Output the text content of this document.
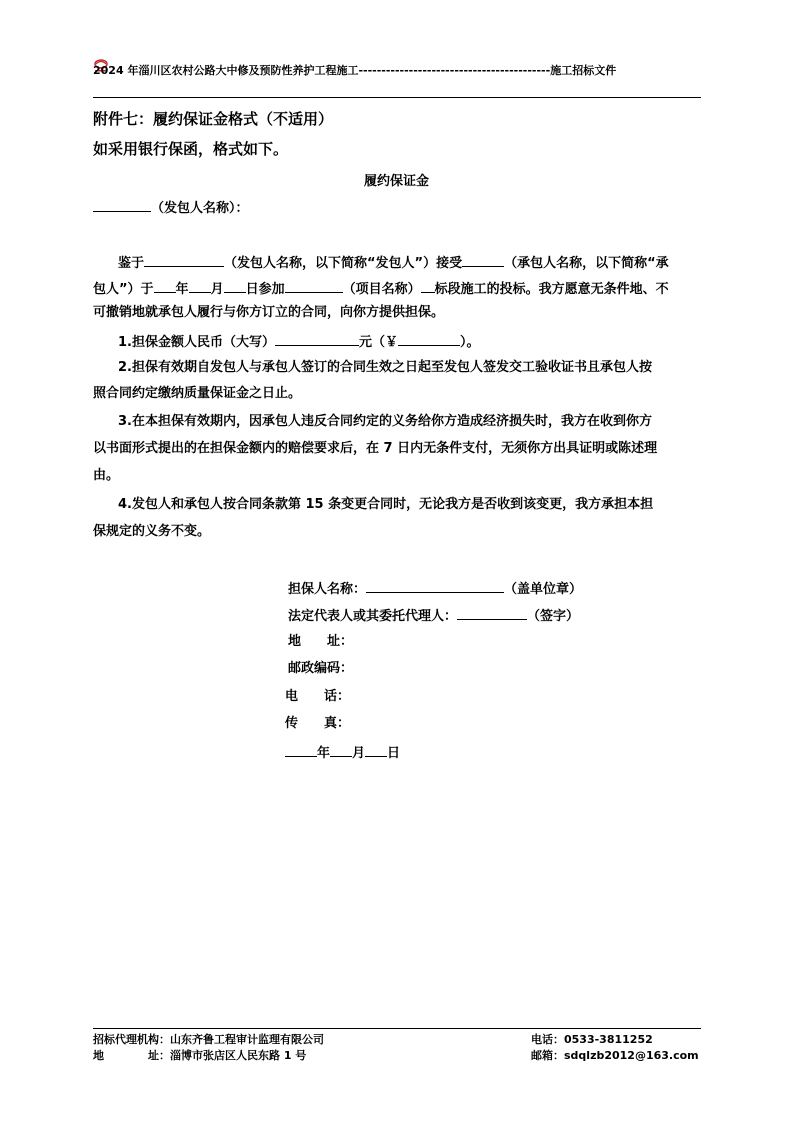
2024 年淄川区农村公路大中修及预防性养护工程施工------------------------------------------施工招标文件
附件七：履约保证金格式（不适用）
如采用银行保函，格式如下。
履约保证金
（发包人名称）：
鉴于	（发包人名称，以下简称“发包人”）接受	（承包人名称，以下简称“承
包人”）于 年 月 日参加	（项目名称） 标段施工的投标。我方愿意无条件地、不
可撤销地就承包人履行与你方订立的合同，向你方提供担保。
1.担保金额人民币（大写）	元（￥	）。
2.担保有效期自发包人与承包人签订的合同生效之日起至发包人签发交工验收证书且承包人按
照合同约定缴纳质量保证金之日止。
3.在本担保有效期内，因承包人违反合同约定的义务给你方造成经济损失时，我方在收到你方
以书面形式提出的在担保金额内的赔偿要求后，在 7 日内无条件支付，无须你方出具证明或陈述理
由。
4.发包人和承包人按合同条款第 15 条变更合同时，无论我方是否收到该变更，我方承担本担
保规定的义务不变。
担保人名称：	（盖单位章）
法定代表人或其委托代理人：	（签字）
地　　址：
邮政编码：
电　　话：
传　　真：
年 月 日
招标代理机构：山东齐鲁工程审计监理有限公司
地　　　　址：淄博市张店区人民东路 1 号
电话：0533-3811252
邮箱：sdqlzb2012@163.com
